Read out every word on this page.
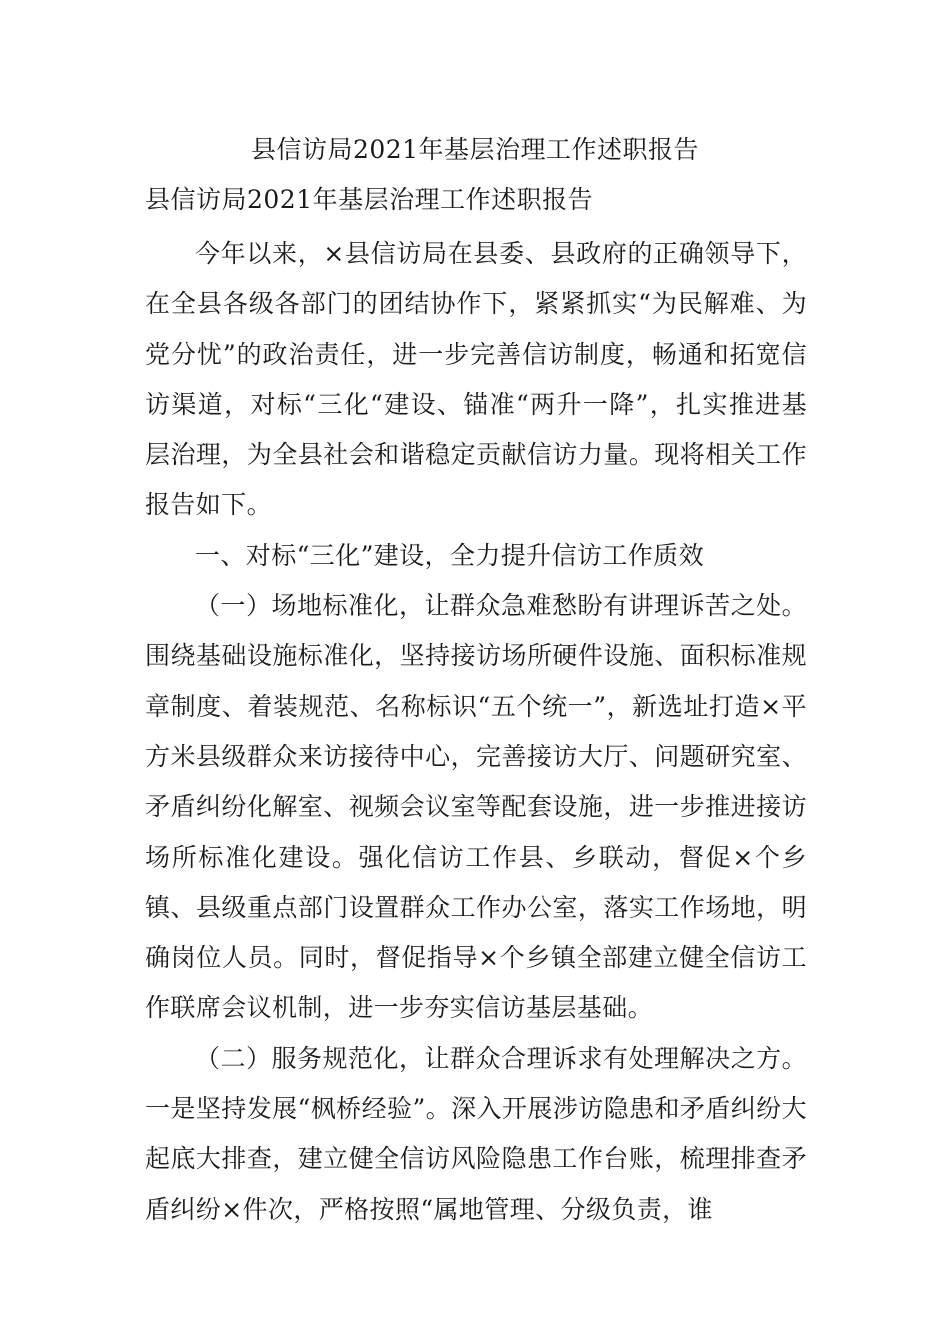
县信访局2021年基层治理工作述职报告
县信访局2021年基层治理工作述职报告

今年以来，×县信访局在县委、县政府的正确领导下，在全县各级各部门的团结协作下，紧紧抓实“为民解难、为党分忧”的政治责任，进一步完善信访制度，畅通和拓宽信访渠道，对标“三化“建设、锚准“两升一降”，扎实推进基层治理，为全县社会和谐稳定贡献信访力量。现将相关工作报告如下。

一、对标“三化”建设，全力提升信访工作质效

（一）场地标准化，让群众急难愁盼有讲理诉苦之处。围绕基础设施标准化，坚持接访场所硬件设施、面积标准规章制度、着装规范、名称标识“五个统一”，新选址打造×平方米县级群众来访接待中心，完善接访大厅、问题研究室、矛盾纠纷化解室、视频会议室等配套设施，进一步推进接访场所标准化建设。强化信访工作县、乡联动，督促×个乡镇、县级重点部门设置群众工作办公室，落实工作场地，明确岗位人员。同时，督促指导×个乡镇全部建立健全信访工作联席会议机制，进一步夯实信访基层基础。

（二）服务规范化，让群众合理诉求有处理解决之方。一是坚持发展“枫桥经验”。深入开展涉访隐患和矛盾纠纷大起底大排查，建立健全信访风险隐患工作台账，梳理排查矛盾纠纷×件次，严格按照“属地管理、分级负责，谁
